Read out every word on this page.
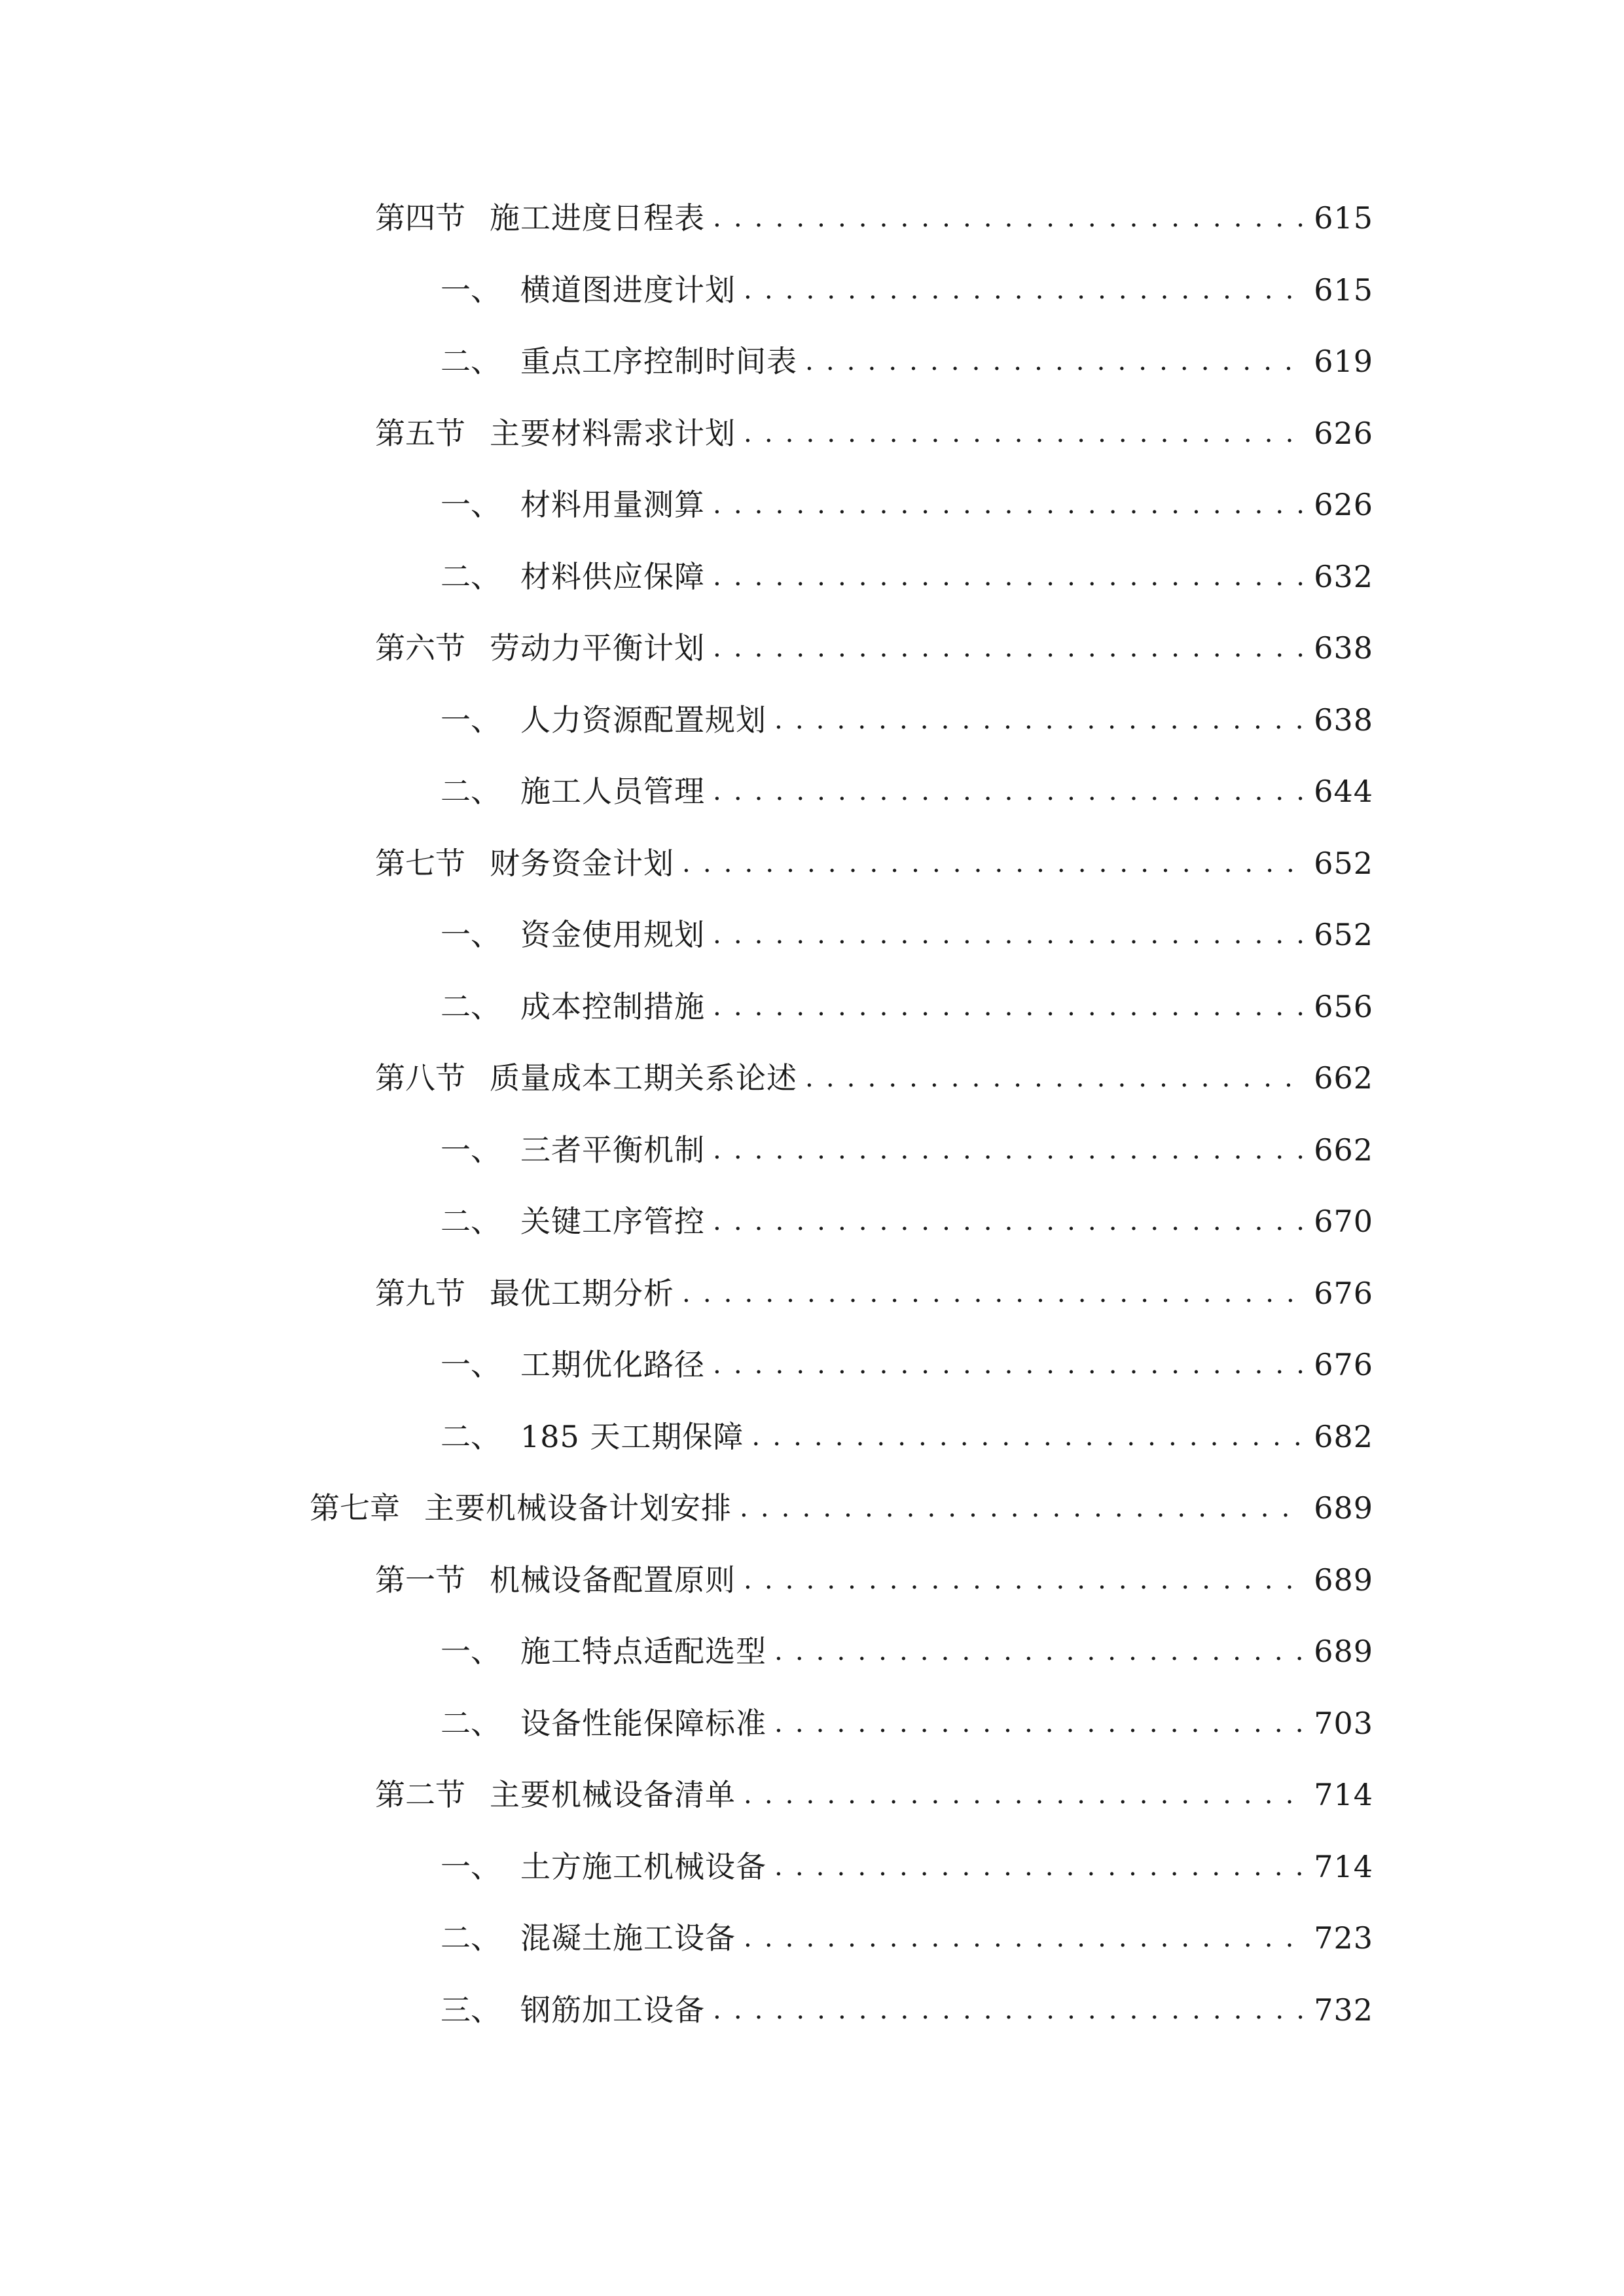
第四节 施工进度日程表 . . .	615
一、 横道图进度计划 . . .	615
二、 重点工序控制时间表 . . .	619
第五节 主要材料需求计划 . . .	626
一、 材料用量测算 . . .	626
二、 材料供应保障 . . .	632
第六节 劳动力平衡计划 . . .	638
一、 人力资源配置规划 . . .	638
二、 施工人员管理 . . .	644
第七节 财务资金计划 . . .	652
一、 资金使用规划 . . .	652
二、 成本控制措施 . . .	656
第八节 质量成本工期关系论述 . . .	662
一、 三者平衡机制 . . .	662
二、 关键工序管控 . . .	670
第九节 最优工期分析 . . .	676
一、 工期优化路径 . . .	676
二、 185 天工期保障 . . .	682
第七章 主要机械设备计划安排 . . .	689
第一节 机械设备配置原则 . . .	689
一、 施工特点适配选型 . . .	689
二、 设备性能保障标准 . . .	703
第二节 主要机械设备清单 . . .	714
一、 土方施工机械设备 . . .	714
二、 混凝土施工设备 . . .	723
三、 钢筋加工设备 . . .	732
